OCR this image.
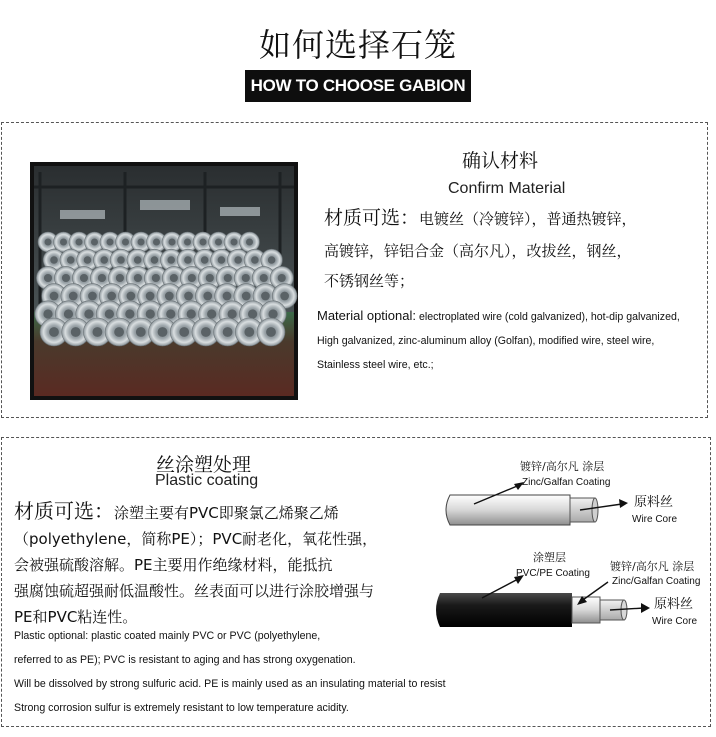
如何选择石笼
HOW TO CHOOSE GABION
确认材料
Confirm Material
材质可选：电镀丝（冷镀锌），普通热镀锌，
高镀锌，锌铝合金（高尔凡），改拔丝，钢丝，
不锈钢丝等；
Material optional: electroplated wire (cold galvanized), hot-dip galvanized,
High galvanized, zinc-aluminum alloy (Golfan), modified wire, steel wire,
Stainless steel wire, etc.;
丝涂塑处理
Plastic coating
材质可选：涂塑主要有PVC即聚氯乙烯聚乙烯
（polyethylene，简称PE）；PVC耐老化，氧花性强，
会被强硫酸溶解。PE主要用作绝缘材料，能抵抗
强腐蚀硫超强耐低温酸性。丝表面可以进行涂胶增强与
PE和PVC粘连性。
Plastic optional: plastic coated mainly PVC or PVC (polyethylene,
referred to as PE); PVC is resistant to aging and has strong oxygenation.
Will be dissolved by strong sulfuric acid. PE is mainly used as an insulating material to resist
Strong corrosion sulfur is extremely resistant to low temperature acidity.
镀锌/高尔凡 涂层
Zinc/Galfan Coating
原料丝
Wire Core
涂塑层
PVC/PE Coating
镀锌/高尔凡 涂层
Zinc/Galfan Coating
原料丝
Wire Core
